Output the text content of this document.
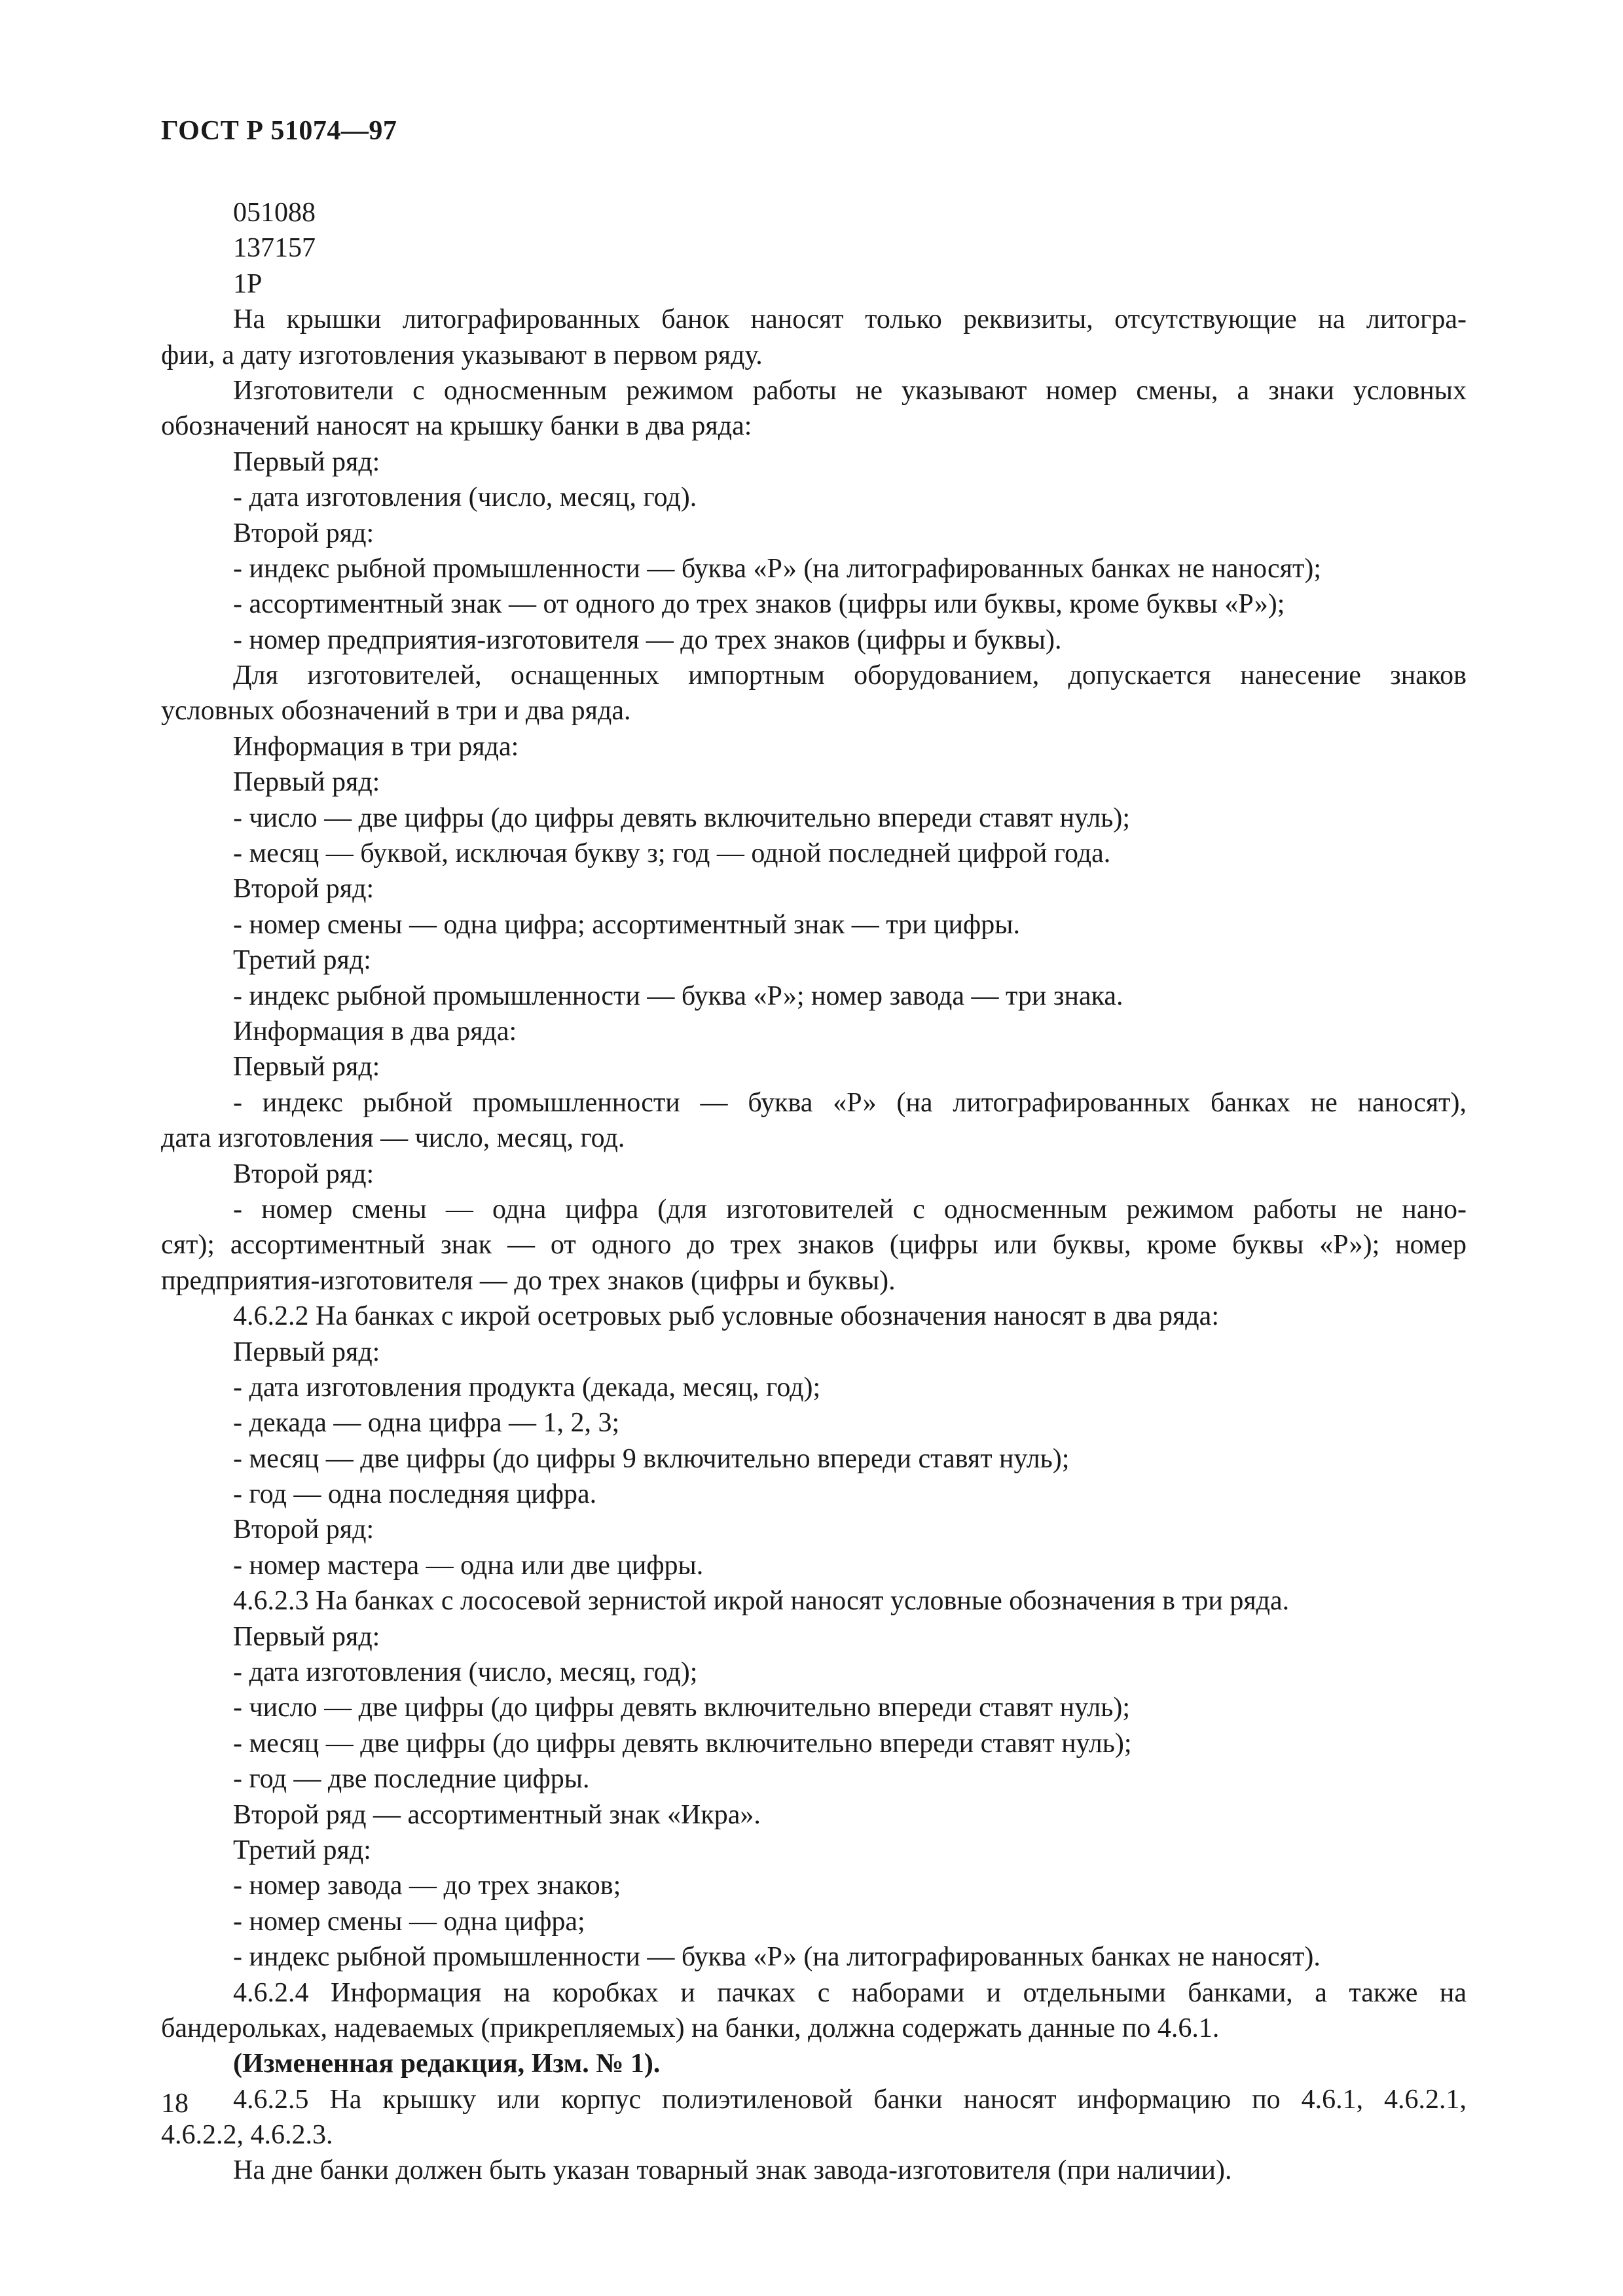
ГОСТ Р 51074—97
051088
137157
1Р
На крышки литографированных банок наносят только реквизиты, отсутствующие на литогра-
фии, а дату изготовления указывают в первом ряду.
Изготовители с односменным режимом работы не указывают номер смены, а знаки условных
обозначений наносят на крышку банки в два ряда:
Первый ряд:
- дата изготовления (число, месяц, год).
Второй ряд:
- индекс рыбной промышленности — буква «Р» (на литографированных банках не наносят);
- ассортиментный знак — от одного до трех знаков (цифры или буквы, кроме буквы «Р»);
- номер предприятия-изготовителя — до трех знаков (цифры и буквы).
Для изготовителей, оснащенных импортным оборудованием, допускается нанесение знаков
условных обозначений в три и два ряда.
Информация в три ряда:
Первый ряд:
- число — две цифры (до цифры девять включительно впереди ставят нуль);
- месяц — буквой, исключая букву з; год — одной последней цифрой года.
Второй ряд:
- номер смены — одна цифра; ассортиментный знак — три цифры.
Третий ряд:
- индекс рыбной промышленности — буква «Р»; номер завода — три знака.
Информация в два ряда:
Первый ряд:
- индекс рыбной промышленности — буква «Р» (на литографированных банках не наносят),
дата изготовления — число, месяц, год.
Второй ряд:
- номер смены — одна цифра (для изготовителей с односменным режимом работы не нано-
сят); ассортиментный знак — от одного до трех знаков (цифры или буквы, кроме буквы «Р»); номер
предприятия-изготовителя — до трех знаков (цифры и буквы).
4.6.2.2 На банках с икрой осетровых рыб условные обозначения наносят в два ряда:
Первый ряд:
- дата изготовления продукта (декада, месяц, год);
- декада — одна цифра — 1, 2, 3;
- месяц — две цифры (до цифры 9 включительно впереди ставят нуль);
- год — одна последняя цифра.
Второй ряд:
- номер мастера — одна или две цифры.
4.6.2.3 На банках с лососевой зернистой икрой наносят условные обозначения в три ряда.
Первый ряд:
- дата изготовления (число, месяц, год);
- число — две цифры (до цифры девять включительно впереди ставят нуль);
- месяц — две цифры (до цифры девять включительно впереди ставят нуль);
- год — две последние цифры.
Второй ряд — ассортиментный знак «Икра».
Третий ряд:
- номер завода — до трех знаков;
- номер смены — одна цифра;
- индекс рыбной промышленности — буква «Р» (на литографированных банках не наносят).
4.6.2.4 Информация на коробках и пачках с наборами и отдельными банками, а также на
бандерольках, надеваемых (прикрепляемых) на банки, должна содержать данные по 4.6.1.
(Измененная редакция, Изм. № 1).
4.6.2.5 На крышку или корпус полиэтиленовой банки наносят информацию по 4.6.1, 4.6.2.1,
4.6.2.2, 4.6.2.3.
На дне банки должен быть указан товарный знак завода-изготовителя (при наличии).
18
